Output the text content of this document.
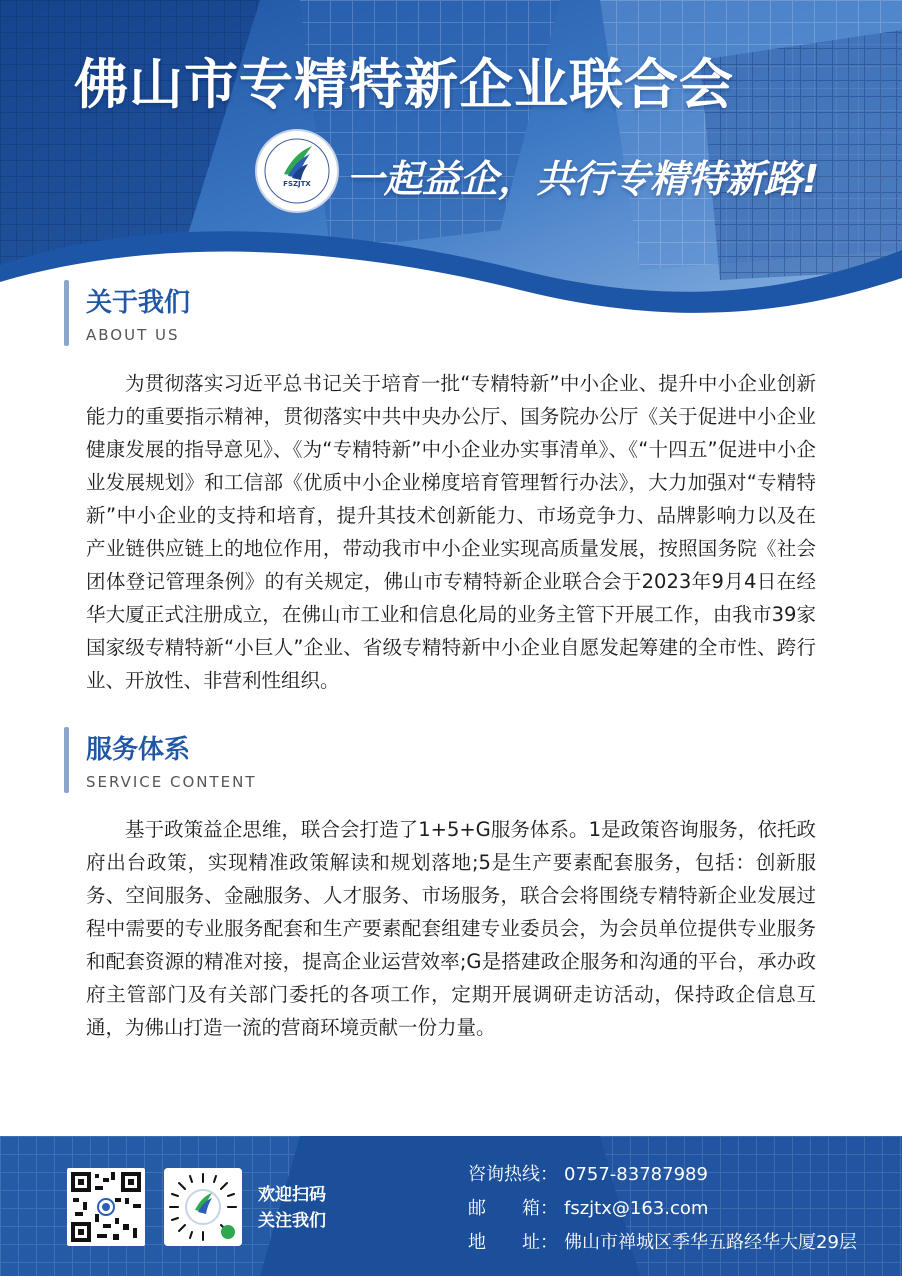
佛山市专精特新企业联合会
FSZJTX 一起益企，共行专精特新路!
关于我们
ABOUT US

为贯彻落实习近平总书记关于培育一批“专精特新”中小企业、提升中小企业创新能力的重要指示精神，贯彻落实中共中央办公厅、国务院办公厅《关于促进中小企业健康发展的指导意见》、《为“专精特新”中小企业办实事清单》、《“十四五”促进中小企业发展规划》和工信部《优质中小企业梯度培育管理暂行办法》，大力加强对“专精特新”中小企业的支持和培育，提升其技术创新能力、市场竞争力、品牌影响力以及在产业链供应链上的地位作用，带动我市中小企业实现高质量发展，按照国务院《社会团体登记管理条例》的有关规定，佛山市专精特新企业联合会于2023年9月4日在经华大厦正式注册成立，在佛山市工业和信息化局的业务主管下开展工作，由我市39家国家级专精特新“小巨人”企业、省级专精特新中小企业自愿发起筹建的全市性、跨行业、开放性、非营利性组织。

服务体系
SERVICE CONTENT

基于政策益企思维，联合会打造了1+5+G服务体系。1是政策咨询服务，依托政府出台政策，实现精准政策解读和规划落地;5是生产要素配套服务，包括：创新服务、空间服务、金融服务、人才服务、市场服务，联合会将围绕专精特新企业发展过程中需要的专业服务配套和生产要素配套组建专业委员会，为会员单位提供专业服务和配套资源的精准对接，提高企业运营效率;G是搭建政企服务和沟通的平台，承办政府主管部门及有关部门委托的各项工作，定期开展调研走访活动，保持政企信息互通，为佛山打造一流的营商环境贡献一份力量。

欢迎扫码
关注我们
咨询热线： 0757-83787989
邮　　箱： fszjtx@163.com
地　　址： 佛山市禅城区季华五路经华大厦29层
